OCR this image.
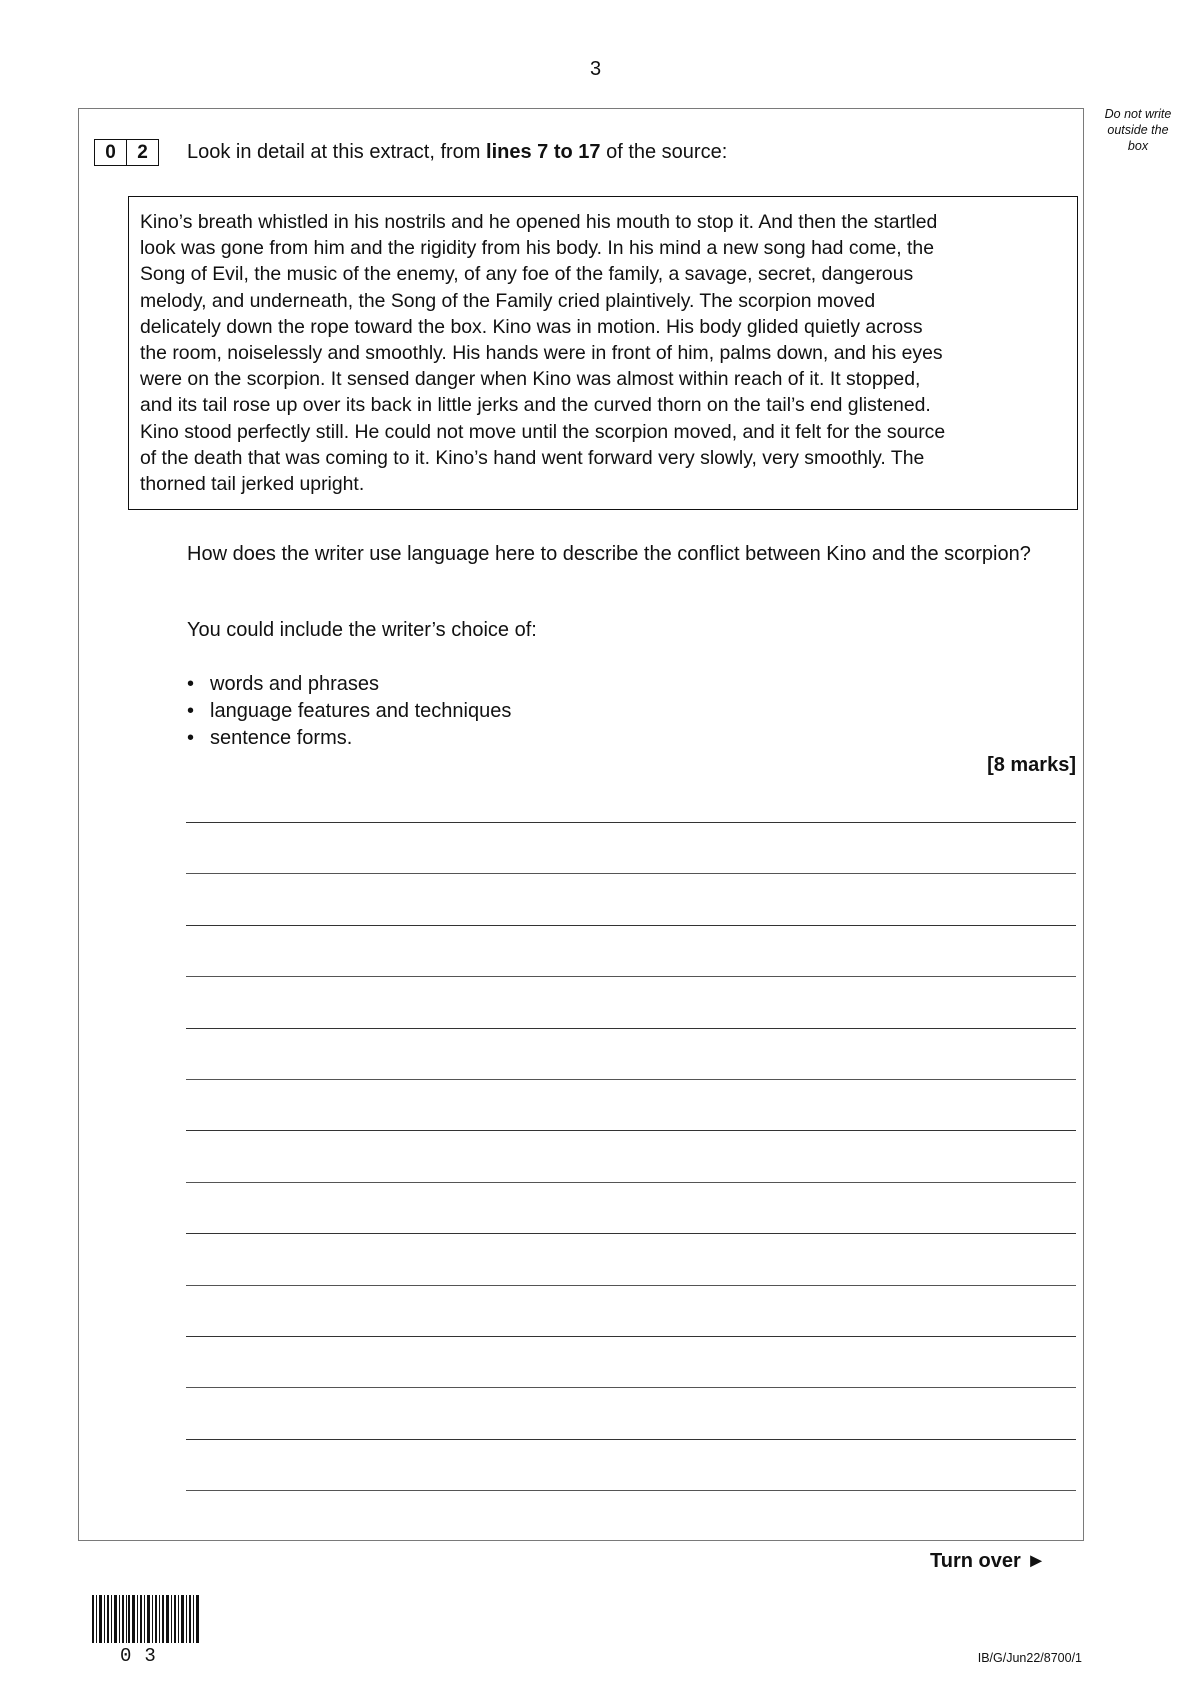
3
Do not write
outside the
box
0	2	Look in detail at this extract, from lines 7 to 17 of the source:

Kino’s breath whistled in his nostrils and he opened his mouth to stop it. And then the startled

look was gone from him and the rigidity from his body. In his mind a new song had come, the

Song of Evil, the music of the enemy, of any foe of the family, a savage, secret, dangerous

melody, and underneath, the Song of the Family cried plaintively. The scorpion moved

delicately down the rope toward the box. Kino was in motion. His body glided quietly across

the room, noiselessly and smoothly. His hands were in front of him, palms down, and his eyes

were on the scorpion. It sensed danger when Kino was almost within reach of it. It stopped,

and its tail rose up over its back in little jerks and the curved thorn on the tail’s end glistened.

Kino stood perfectly still. He could not move until the scorpion moved, and it felt for the source

of the death that was coming to it. Kino’s hand went forward very slowly, very smoothly. The

thorned tail jerked upright.

How does the writer use language here to describe the conflict between Kino and the scorpion?

You could include the writer’s choice of:

• words and phrases
• language features and techniques
• sentence forms.
[8 marks]
Turn over ►
03	IB/G/Jun22/8700/1
